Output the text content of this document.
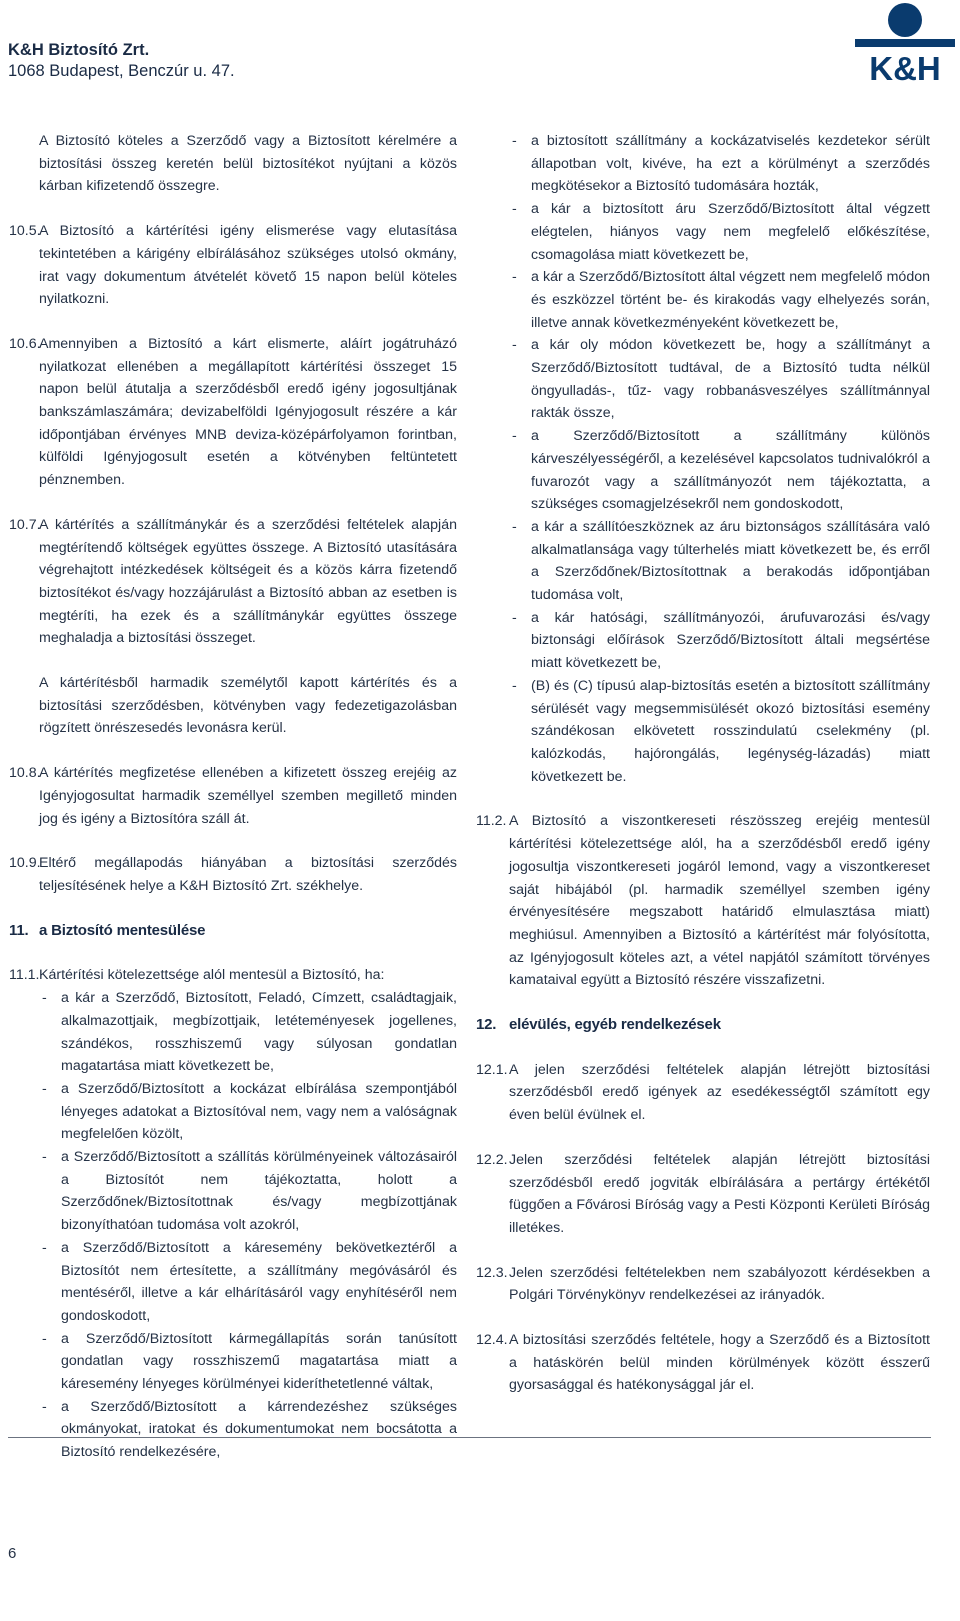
K&H Biztosító Zrt.
1068 Budapest, Benczúr u. 47.	K&H

A Biztosító köteles a Szerződő vagy a Biztosított kérelmére a biztosítási összeg keretén belül biztosítékot nyújtani a közös kárban kifizetendő összegre.

10.5.
A Biztosító a kártérítési igény elismerése vagy elutasítása tekintetében a kárigény elbírálásához szükséges utolsó okmány, irat vagy dokumentum átvételét követő 15 napon belül köteles nyilatkozni.
10.6.
Amennyiben a Biztosító a kárt elismerte, aláírt jogátruházó nyilatkozat ellenében a megállapított kártérítési összeget 15 napon belül átutalja a szerződésből eredő igény jogosultjának bankszámlaszámára; devizabelföldi Igényjogosult részére a kár időpontjában érvényes MNB deviza-középárfolyamon forintban, külföldi Igényjogosult esetén a kötvényben feltüntetett pénznemben.
10.7.
A kártérítés a szállítmánykár és a szerződési feltételek alapján megtérítendő költségek együttes összege. A Biztosító utasítására végrehajtott intézkedések költségeit és a közös kárra fizetendő biztosítékot és/vagy hozzájárulást a Biztosító abban az esetben is megtéríti, ha ezek és a szállítmánykár együttes összege meghaladja a biztosítási összeget.

A kártérítésből harmadik személytől kapott kártérítés és a biztosítási szerződésben, kötvényben vagy fedezetigazolásban rögzített önrészesedés levonásra kerül.

10.8.
A kártérítés megfizetése ellenében a kifizetett összeg erejéig az Igényjogosultat harmadik személlyel szemben megillető minden jog és igény a Biztosítóra száll át.
10.9.
Eltérő megállapodás hiányában a biztosítási szerződés teljesítésének helye a K&H Biztosító Zrt. székhelye.
11. a Biztosító mentesülése
11.1. Kártérítési kötelezettsége alól mentesül a Biztosító, ha:
- a kár a Szerződő, Biztosított, Feladó, Címzett, családtagjaik, alkalmazottjaik, megbízottjaik, letéteményesek jogellenes, szándékos, rosszhiszemű vagy súlyosan gondatlan magatartása miatt következett be,
- a Szerződő/Biztosított a kockázat elbírálása szempontjából lényeges adatokat a Biztosítóval nem, vagy nem a valóságnak megfelelően közölt,
- a Szerződő/Biztosított a szállítás körülményeinek változásairól a Biztosítót nem tájékoztatta, holott a Szerződőnek/Biztosítottnak és/vagy megbízottjának bizonyíthatóan tudomása volt azokról,
- a Szerződő/Biztosított a káresemény bekövetkeztéről a Biztosítót nem értesítette, a szállítmány megóvásáról és mentéséről, illetve a kár elhárításáról vagy enyhítéséről nem gondoskodott,
- a Szerződő/Biztosított kármegállapítás során tanúsított gondatlan vagy rosszhiszemű magatartása miatt a káresemény lényeges körülményei kideríthetetlenné váltak,
- a Szerződő/Biztosított a kárrendezéshez szükséges okmányokat, iratokat és dokumentumokat nem bocsátotta a Biztosító rendelkezésére,
- a biztosított szállítmány a kockázatviselés kezdetekor sérült állapotban volt, kivéve, ha ezt a körülményt a szerződés megkötésekor a Biztosító tudomására hozták,
- a kár a biztosított áru Szerződő/Biztosított által végzett elégtelen, hiányos vagy nem megfelelő előkészítése, csomagolása miatt következett be,
- a kár a Szerződő/Biztosított által végzett nem megfelelő módon és eszközzel történt be- és kirakodás vagy elhelyezés során, illetve annak következményeként következett be,
- a kár oly módon következett be, hogy a szállítmányt a Szerződő/Biztosított tudtával, de a Biztosító tudta nélkül öngyulladás-, tűz- vagy robbanásveszélyes szállítmánnyal rakták össze,
- a Szerződő/Biztosított a szállítmány különös kárveszélyességéről, a kezelésével kapcsolatos tudnivalókról a fuvarozót vagy a szállítmányozót nem tájékoztatta, a szükséges csomagjelzésekről nem gondoskodott,
- a kár a szállítóeszköznek az áru biztonságos szállítására való alkalmatlansága vagy túlterhelés miatt következett be, és erről a Szerződőnek/Biztosítottnak a berakodás időpontjában tudomása volt,
- a kár hatósági, szállítmányozói, árufuvarozási és/vagy biztonsági előírások Szerződő/Biztosított általi megsértése miatt következett be,
- (B) és (C) típusú alap-biztosítás esetén a biztosított szállítmány sérülését vagy megsemmisülését okozó biztosítási esemény szándékosan elkövetett rosszindulatú cselekmény (pl. kalózkodás, hajórongálás, legénység-lázadás) miatt következett be.
11.2. A Biztosító a viszontkereseti részösszeg erejéig mentesül kártérítési kötelezettsége alól, ha a szerződésből eredő igény jogosultja viszontkereseti jogáról lemond, vagy a viszontkereset saját hibájából (pl. harmadik személlyel szemben igény érvényesítésére megszabott határidő elmulasztása miatt) meghiúsul. Amennyiben a Biztosító a kártérítést már folyósította, az Igényjogosult köteles azt, a vétel napjától számított törvényes kamataival együtt a Biztosító részére visszafizetni.
12. elévülés, egyéb rendelkezések
12.1. A jelen szerződési feltételek alapján létrejött biztosítási szerződésből eredő igények az esedékességtől számított egy éven belül évülnek el.
12.2. Jelen szerződési feltételek alapján létrejött biztosítási szerződésből eredő jogviták elbírálására a pertárgy értékétől függően a Fővárosi Bíróság vagy a Pesti Központi Kerületi Bíróság illetékes.
12.3. Jelen szerződési feltételekben nem szabályozott kérdésekben a Polgári Törvénykönyv rendelkezései az irányadók.
12.4. A biztosítási szerződés feltétele, hogy a Szerződő és a Biztosított a hatáskörén belül minden körülmények között ésszerű gyorsasággal és hatékonysággal jár el.
6
